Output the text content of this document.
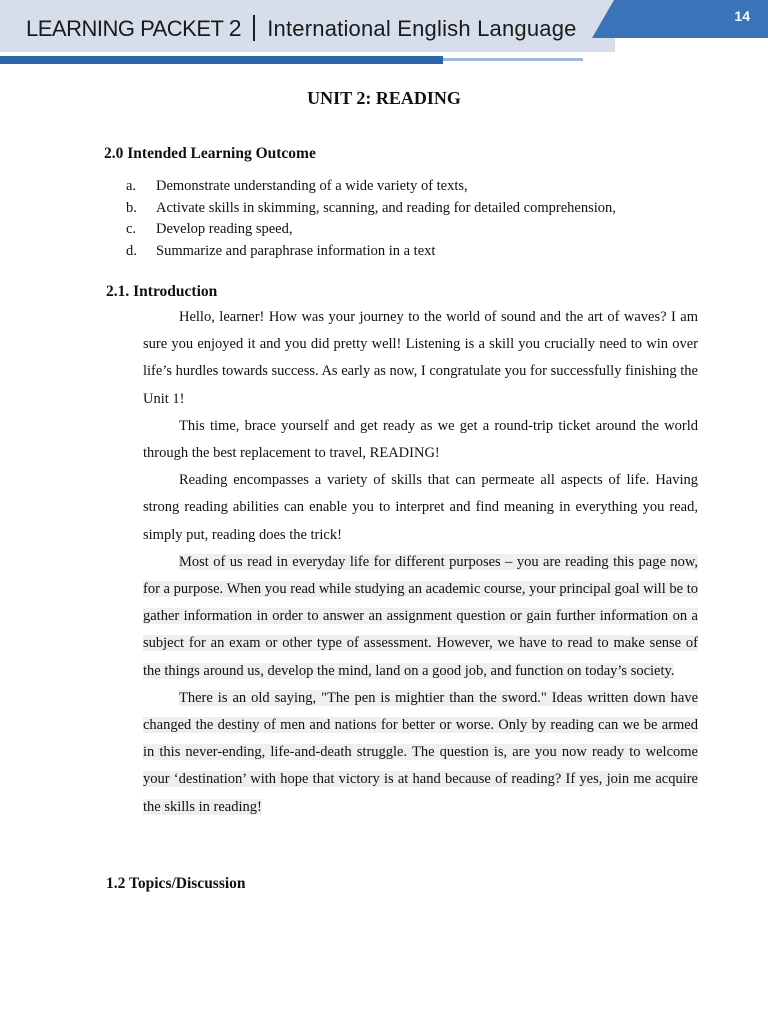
LEARNING PACKET 2 International English Language	14
UNIT 2: READING
2.0 Intended Learning Outcome
a. Demonstrate understanding of a wide variety of texts,
b. Activate skills in skimming, scanning, and reading for detailed comprehension,
c. Develop reading speed,
d. Summarize and paraphrase information in a text
2.1. Introduction

Hello, learner! How was your journey to the world of sound and the art of waves? I am sure you enjoyed it and you did pretty well! Listening is a skill you crucially need to win over life’s hurdles towards success. As early as now, I congratulate you for successfully finishing the Unit 1!

This time, brace yourself and get ready as we get a round-trip ticket around the world through the best replacement to travel, READING!

Reading encompasses a variety of skills that can permeate all aspects of life. Having strong reading abilities can enable you to interpret and find meaning in everything you read, simply put, reading does the trick!

Most of us read in everyday life for different purposes – you are reading this page now, for a purpose. When you read while studying an academic course, your principal goal will be to gather information in order to answer an assignment question or gain further information on a subject for an exam or other type of assessment. However, we have to read to make sense of the things around us, develop the mind, land on a good job, and function on today’s society.

There is an old saying, "The pen is mightier than the sword." Ideas written down have changed the destiny of men and nations for better or worse. Only by reading can we be armed in this never-ending, life-and-death struggle. The question is, are you now ready to welcome your ‘destination’ with hope that victory is at hand because of reading? If yes, join me acquire the skills in reading!

1.2 Topics/Discussion
